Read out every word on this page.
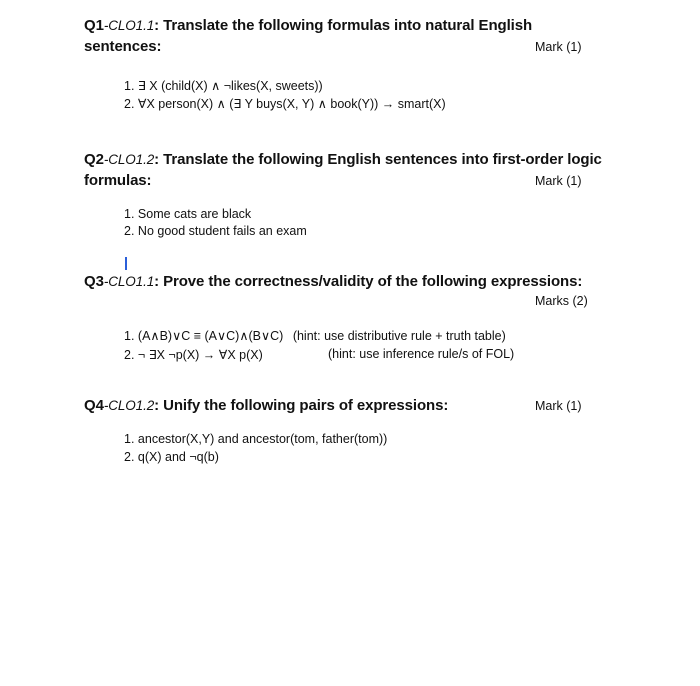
Q1-CLO1.1: Translate the following formulas into natural English
sentences:	Mark (1)
1. ∃ X (child(X) ∧ ¬likes(X, sweets))
2. ∀X person(X) ∧ (∃ Y buys(X, Y) ∧ book(Y)) → smart(X)
Q2-CLO1.2: Translate the following English sentences into first-order logic
formulas:	Mark (1)
1. Some cats are black
2. No good student fails an exam
Q3-CLO1.1: Prove the correctness/validity of the following expressions:
Marks (2)
1. (A∧B)∨C ≡ (A∨C)∧(B∨C) (hint: use distributive rule + truth table)
2. ¬ ∃X ¬p(X) → ∀X p(X)	(hint: use inference rule/s of FOL)
Q4-CLO1.2: Unify the following pairs of expressions:	Mark (1)
1. ancestor(X,Y) and ancestor(tom, father(tom))
2. q(X) and ¬q(b)
